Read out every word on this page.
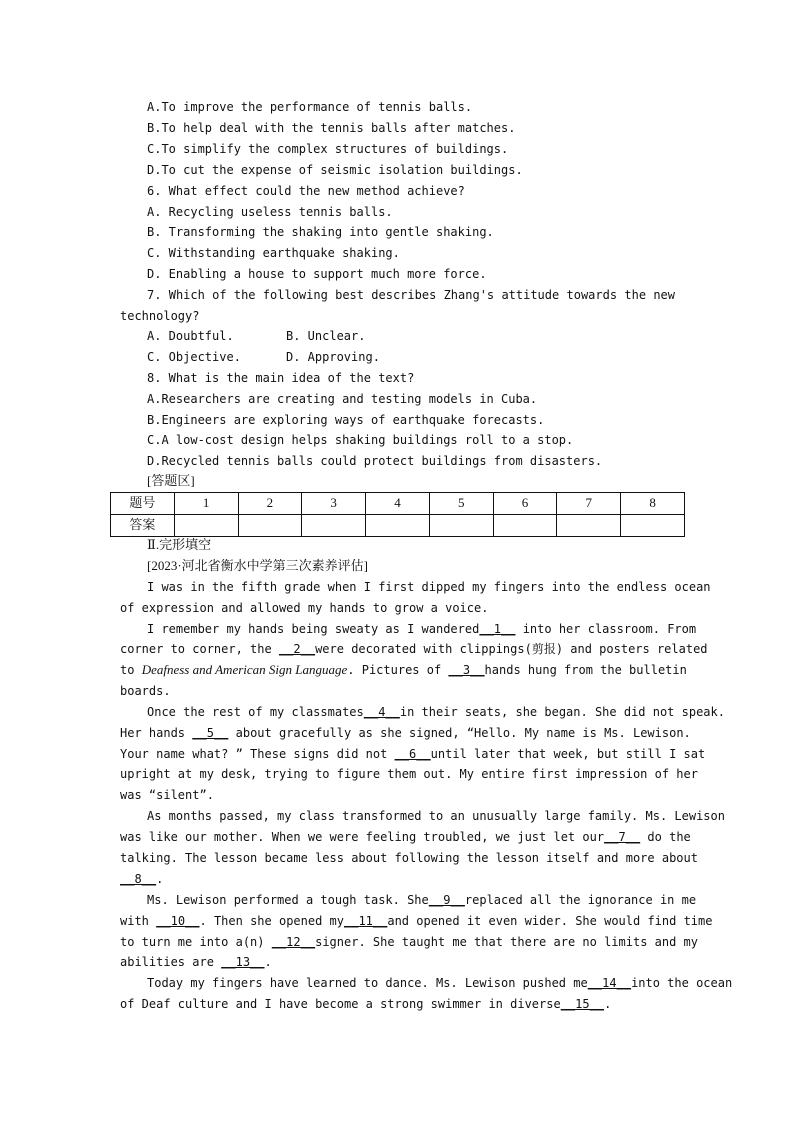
A.To improve the performance of tennis balls.
B.To help deal with the tennis balls after matches.
C.To simplify the complex structures of buildings.
D.To cut the expense of seismic isolation buildings.
6. What effect could the new method achieve?
A. Recycling useless tennis balls.
B. Transforming the shaking into gentle shaking.
C. Withstanding earthquake shaking.
D. Enabling a house to support much more force.
7. Which of the following best describes Zhang's attitude towards the new
technology?
A. Doubtful.	B. Unclear.
C. Objective.	D. Approving.
8. What is the main idea of the text?
A.Researchers are creating and testing models in Cuba.
B.Engineers are exploring ways of earthquake forecasts.
C.A low-cost design helps shaking buildings roll to a stop.
D.Recycled tennis balls could protect buildings from disasters.
[答题区]
题号	1	2	3	4	5	6	7	8
答案								
Ⅱ.完形填空
[2023·河北省衡水中学第三次素养评估]
I was in the fifth grade when I first dipped my fingers into the endless ocean
of expression and allowed my hands to grow a voice.
I remember my hands being sweaty as I wandered__1__ into her classroom. From
corner to corner, the __2__were decorated with clippings(剪报) and posters related
to Deafness and American Sign Language. Pictures of __3__hands hung from the bulletin
boards.
Once the rest of my classmates__4__in their seats, she began. She did not speak.
Her hands __5__ about gracefully as she signed, “Hello. My name is Ms. Lewison.
Your name what? ” These signs did not __6__until later that week, but still I sat
upright at my desk, trying to figure them out. My entire first impression of her
was “silent”.
As months passed, my class transformed to an unusually large family. Ms. Lewison
was like our mother. When we were feeling troubled, we just let our__7__ do the
talking. The lesson became less about following the lesson itself and more about
__8__.
Ms. Lewison performed a tough task. She__9__replaced all the ignorance in me
with __10__. Then she opened my__11__and opened it even wider. She would find time
to turn me into a(n) __12__signer. She taught me that there are no limits and my
abilities are __13__.
Today my fingers have learned to dance. Ms. Lewison pushed me__14__into the ocean
of Deaf culture and I have become a strong swimmer in diverse__15__.
